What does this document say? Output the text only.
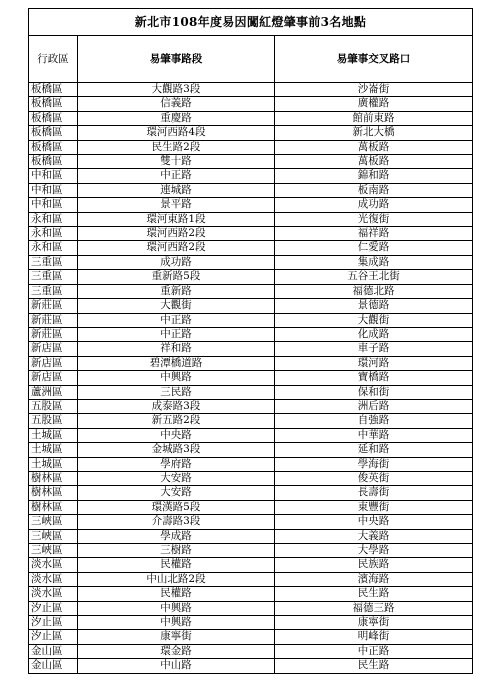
新北市108年度易因闖紅燈肇事前3名地點		
行政區	易肇事路段	易肇事交叉路口
板橋區	大觀路3段	沙崙街
板橋區	信義路	廣權路
板橋區	重慶路	館前東路
板橋區	環河西路4段	新北大橋
板橋區	民生路2段	萬板路
板橋區	雙十路	萬板路
中和區	中正路	錦和路
中和區	連城路	板南路
中和區	景平路	成功路
永和區	環河東路1段	光復街
永和區	環河西路2段	福祥路
永和區	環河西路2段	仁愛路
三重區	成功路	集成路
三重區	重新路5段	五谷王北街
三重區	重新路	福德北路
新莊區	大觀街	景德路
新莊區	中正路	大觀街
新莊區	中正路	化成路
新店區	祥和路	車子路
新店區	碧潭橋道路	環河路
新店區	中興路	寶橋路
蘆洲區	三民路	保和街
五股區	成泰路3段	洲后路
五股區	新五路2段	自強路
土城區	中央路	中華路
土城區	金城路3段	延和路
土城區	學府路	學海街
樹林區	大安路	俊英街
樹林區	大安路	長壽街
樹林區	環漢路5段	東豐街
三峽區	介壽路3段	中央路
三峽區	學成路	大義路
三峽區	三樹路	大學路
淡水區	民權路	民族路
淡水區	中山北路2段	濱海路
淡水區	民權路	民生路
汐止區	中興路	福德三路
汐止區	中興路	康寧街
汐止區	康寧街	明峰街
金山區	環金路	中正路
金山區	中山路	民生路
